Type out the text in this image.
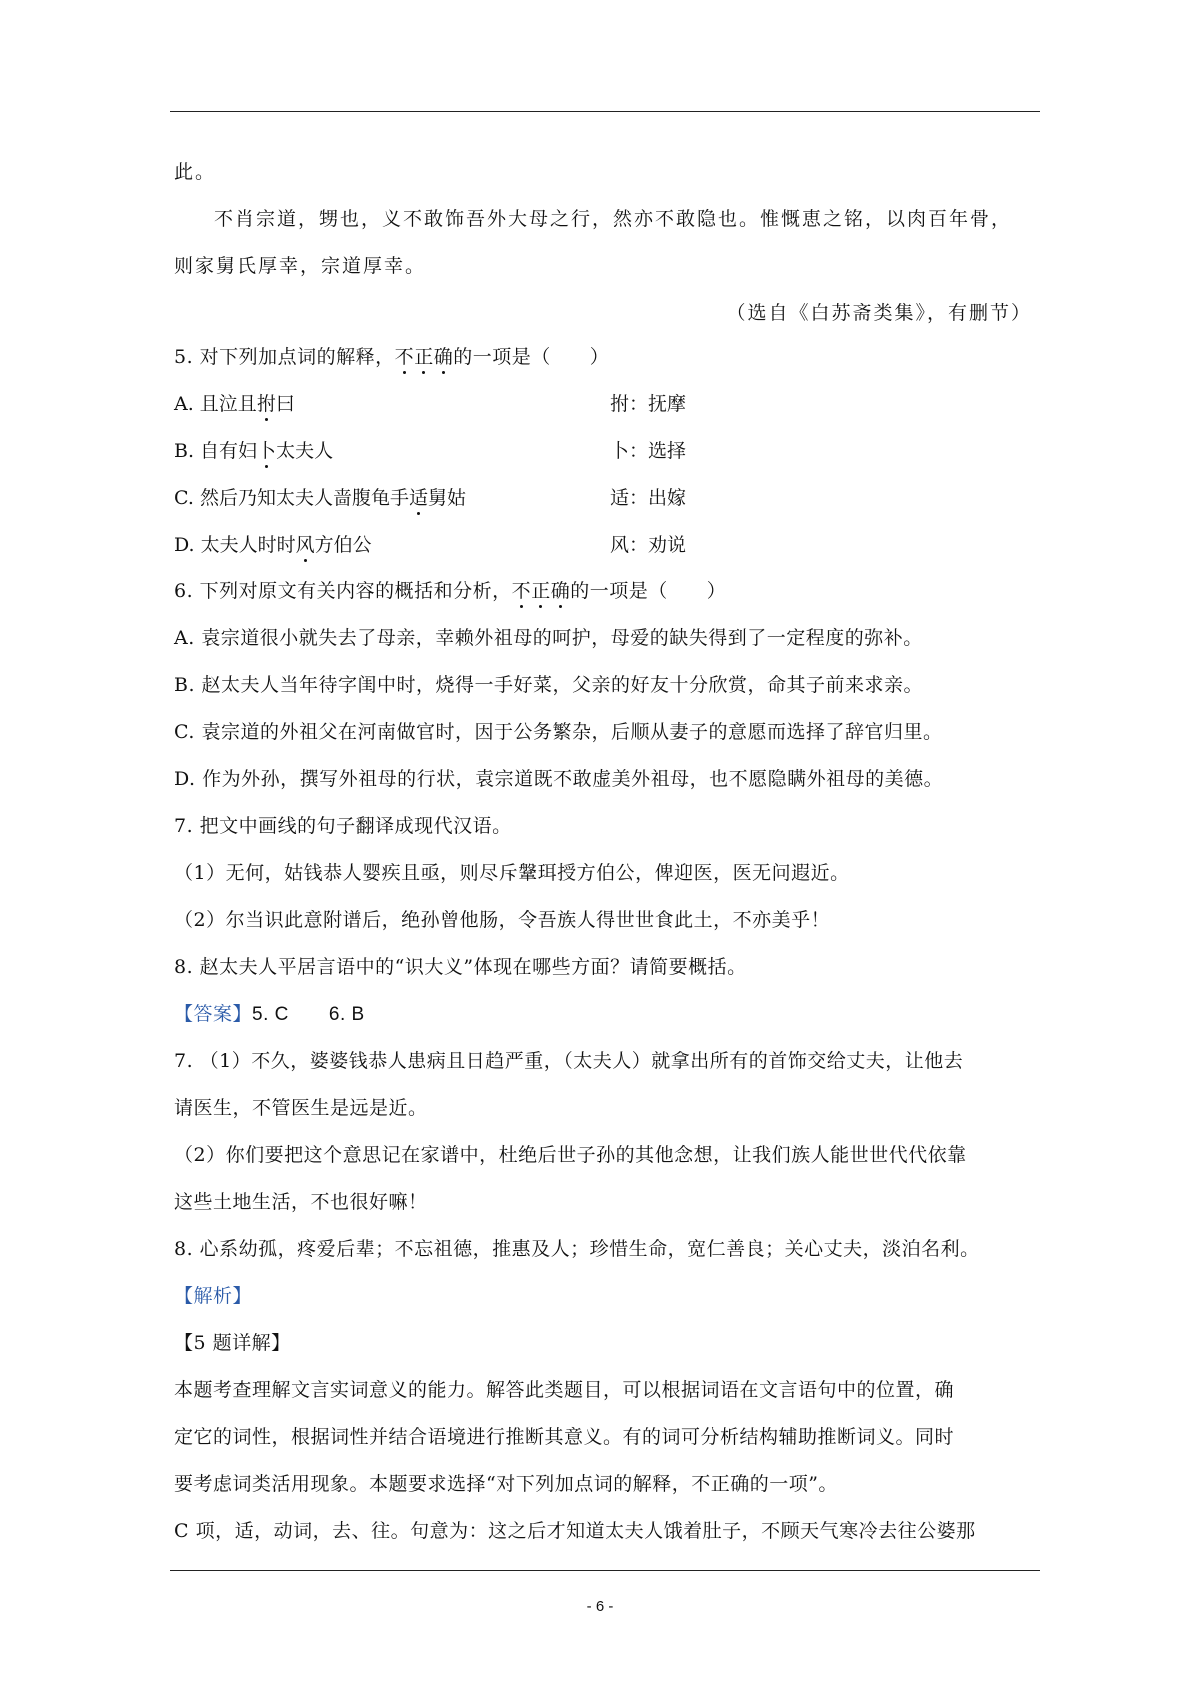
此。
不肖宗道，甥也，义不敢饰吾外大母之行，然亦不敢隐也。惟慨恵之铭，以肉百年骨，
则家舅氏厚幸，宗道厚幸。
（选自《白苏斋类集》，有删节）
5. 对下列加点词的解释，不正确的一项是（　　）
A. 且泣且拊曰	拊：抚摩
B. 自有妇卜太夫人	卜：选择
C. 然后乃知太夫人啬腹龟手适舅姑	适：出嫁
D. 太夫人时时风方伯公	风：劝说
6. 下列对原文有关内容的概括和分析，不正确的一项是（　　）
A. 袁宗道很小就失去了母亲，幸赖外祖母的呵护，母爱的缺失得到了一定程度的弥补。
B. 赵太夫人当年待字闺中时，烧得一手好菜，父亲的好友十分欣赏，命其子前来求亲。
C. 袁宗道的外祖父在河南做官时，因于公务繁杂，后顺从妻子的意愿而选择了辞官归里。
D. 作为外孙，撰写外祖母的行状，袁宗道既不敢虚美外祖母，也不愿隐瞒外祖母的美德。
7. 把文中画线的句子翻译成现代汉语。
（1）无何，姑钱恭人婴疾且亟，则尽斥鞶珥授方伯公，俾迎医，医无问遐近。
（2）尔当识此意附谱后，绝孙曾他肠，令吾族人得世世食此土，不亦美乎！
8. 赵太夫人平居言语中的“识大义”体现在哪些方面？请简要概括。
【答案】5. C 6. B
7. （1）不久，婆婆钱恭人患病且日趋严重，（太夫人）就拿出所有的首饰交给丈夫，让他去
请医生，不管医生是远是近。
（2）你们要把这个意思记在家谱中，杜绝后世子孙的其他念想，让我们族人能世世代代依靠
这些土地生活，不也很好嘛！
8. 心系幼孤，疼爱后辈；不忘祖德，推惠及人；珍惜生命，宽仁善良；关心丈夫，淡泊名利。
【解析】
【5 题详解】
本题考查理解文言实词意义的能力。解答此类题目，可以根据词语在文言语句中的位置，确
定它的词性，根据词性并结合语境进行推断其意义。有的词可分析结构辅助推断词义。同时
要考虑词类活用现象。本题要求选择“对下列加点词的解释，不正确的一项”。
C 项，适，动词，去、往。句意为：这之后才知道太夫人饿着肚子，不顾天气寒冷去往公婆那
- 6 -
